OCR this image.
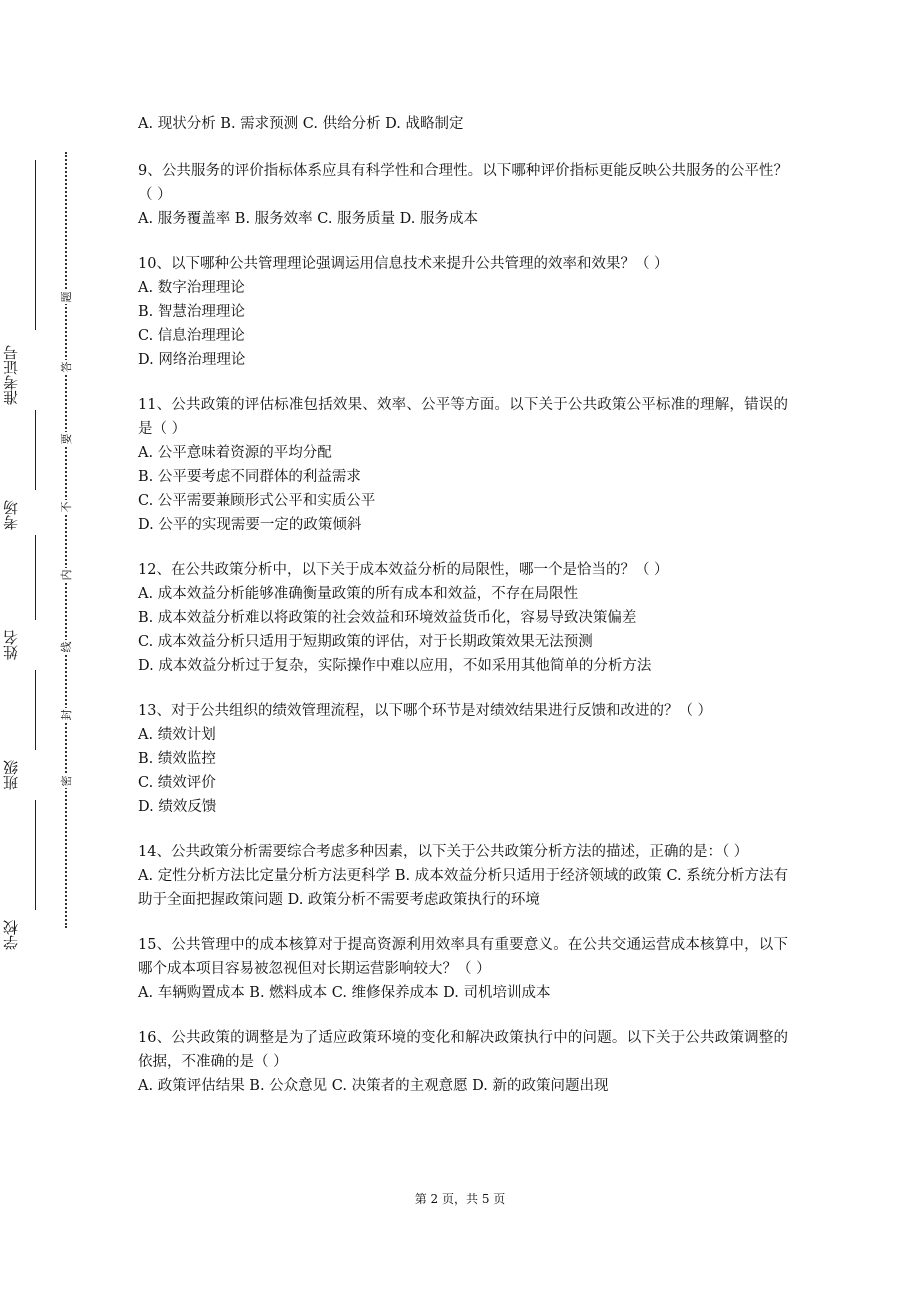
学校
班级
姓名
考场
准考证号
密
封
线
内
不
要
答
题
A. 现状分析 B. 需求预测 C. 供给分析 D. 战略制定
9、公共服务的评价指标体系应具有科学性和合理性。以下哪种评价指标更能反映公共服务的公平性？（ ）
A. 服务覆盖率 B. 服务效率 C. 服务质量 D. 服务成本
10、以下哪种公共管理理论强调运用信息技术来提升公共管理的效率和效果？（ ）
A. 数字治理理论
B. 智慧治理理论
C. 信息治理理论
D. 网络治理理论
11、公共政策的评估标准包括效果、效率、公平等方面。以下关于公共政策公平标准的理解，错误的是（ ）
A. 公平意味着资源的平均分配
B. 公平要考虑不同群体的利益需求
C. 公平需要兼顾形式公平和实质公平
D. 公平的实现需要一定的政策倾斜
12、在公共政策分析中，以下关于成本效益分析的局限性，哪一个是恰当的？（ ）
A. 成本效益分析能够准确衡量政策的所有成本和效益，不存在局限性
B. 成本效益分析难以将政策的社会效益和环境效益货币化，容易导致决策偏差
C. 成本效益分析只适用于短期政策的评估，对于长期政策效果无法预测
D. 成本效益分析过于复杂，实际操作中难以应用，不如采用其他简单的分析方法
13、对于公共组织的绩效管理流程，以下哪个环节是对绩效结果进行反馈和改进的？（ ）
A. 绩效计划
B. 绩效监控
C. 绩效评价
D. 绩效反馈
14、公共政策分析需要综合考虑多种因素，以下关于公共政策分析方法的描述，正确的是：（ ）
A. 定性分析方法比定量分析方法更科学 B. 成本效益分析只适用于经济领域的政策 C. 系统分析方法有助于全面把握政策问题 D. 政策分析不需要考虑政策执行的环境
15、公共管理中的成本核算对于提高资源利用效率具有重要意义。在公共交通运营成本核算中，以下哪个成本项目容易被忽视但对长期运营影响较大？（ ）
A. 车辆购置成本 B. 燃料成本 C. 维修保养成本 D. 司机培训成本
16、公共政策的调整是为了适应政策环境的变化和解决政策执行中的问题。以下关于公共政策调整的依据，不准确的是（ ）
A. 政策评估结果 B. 公众意见 C. 决策者的主观意愿 D. 新的政策问题出现
第 2 页，共 5 页
